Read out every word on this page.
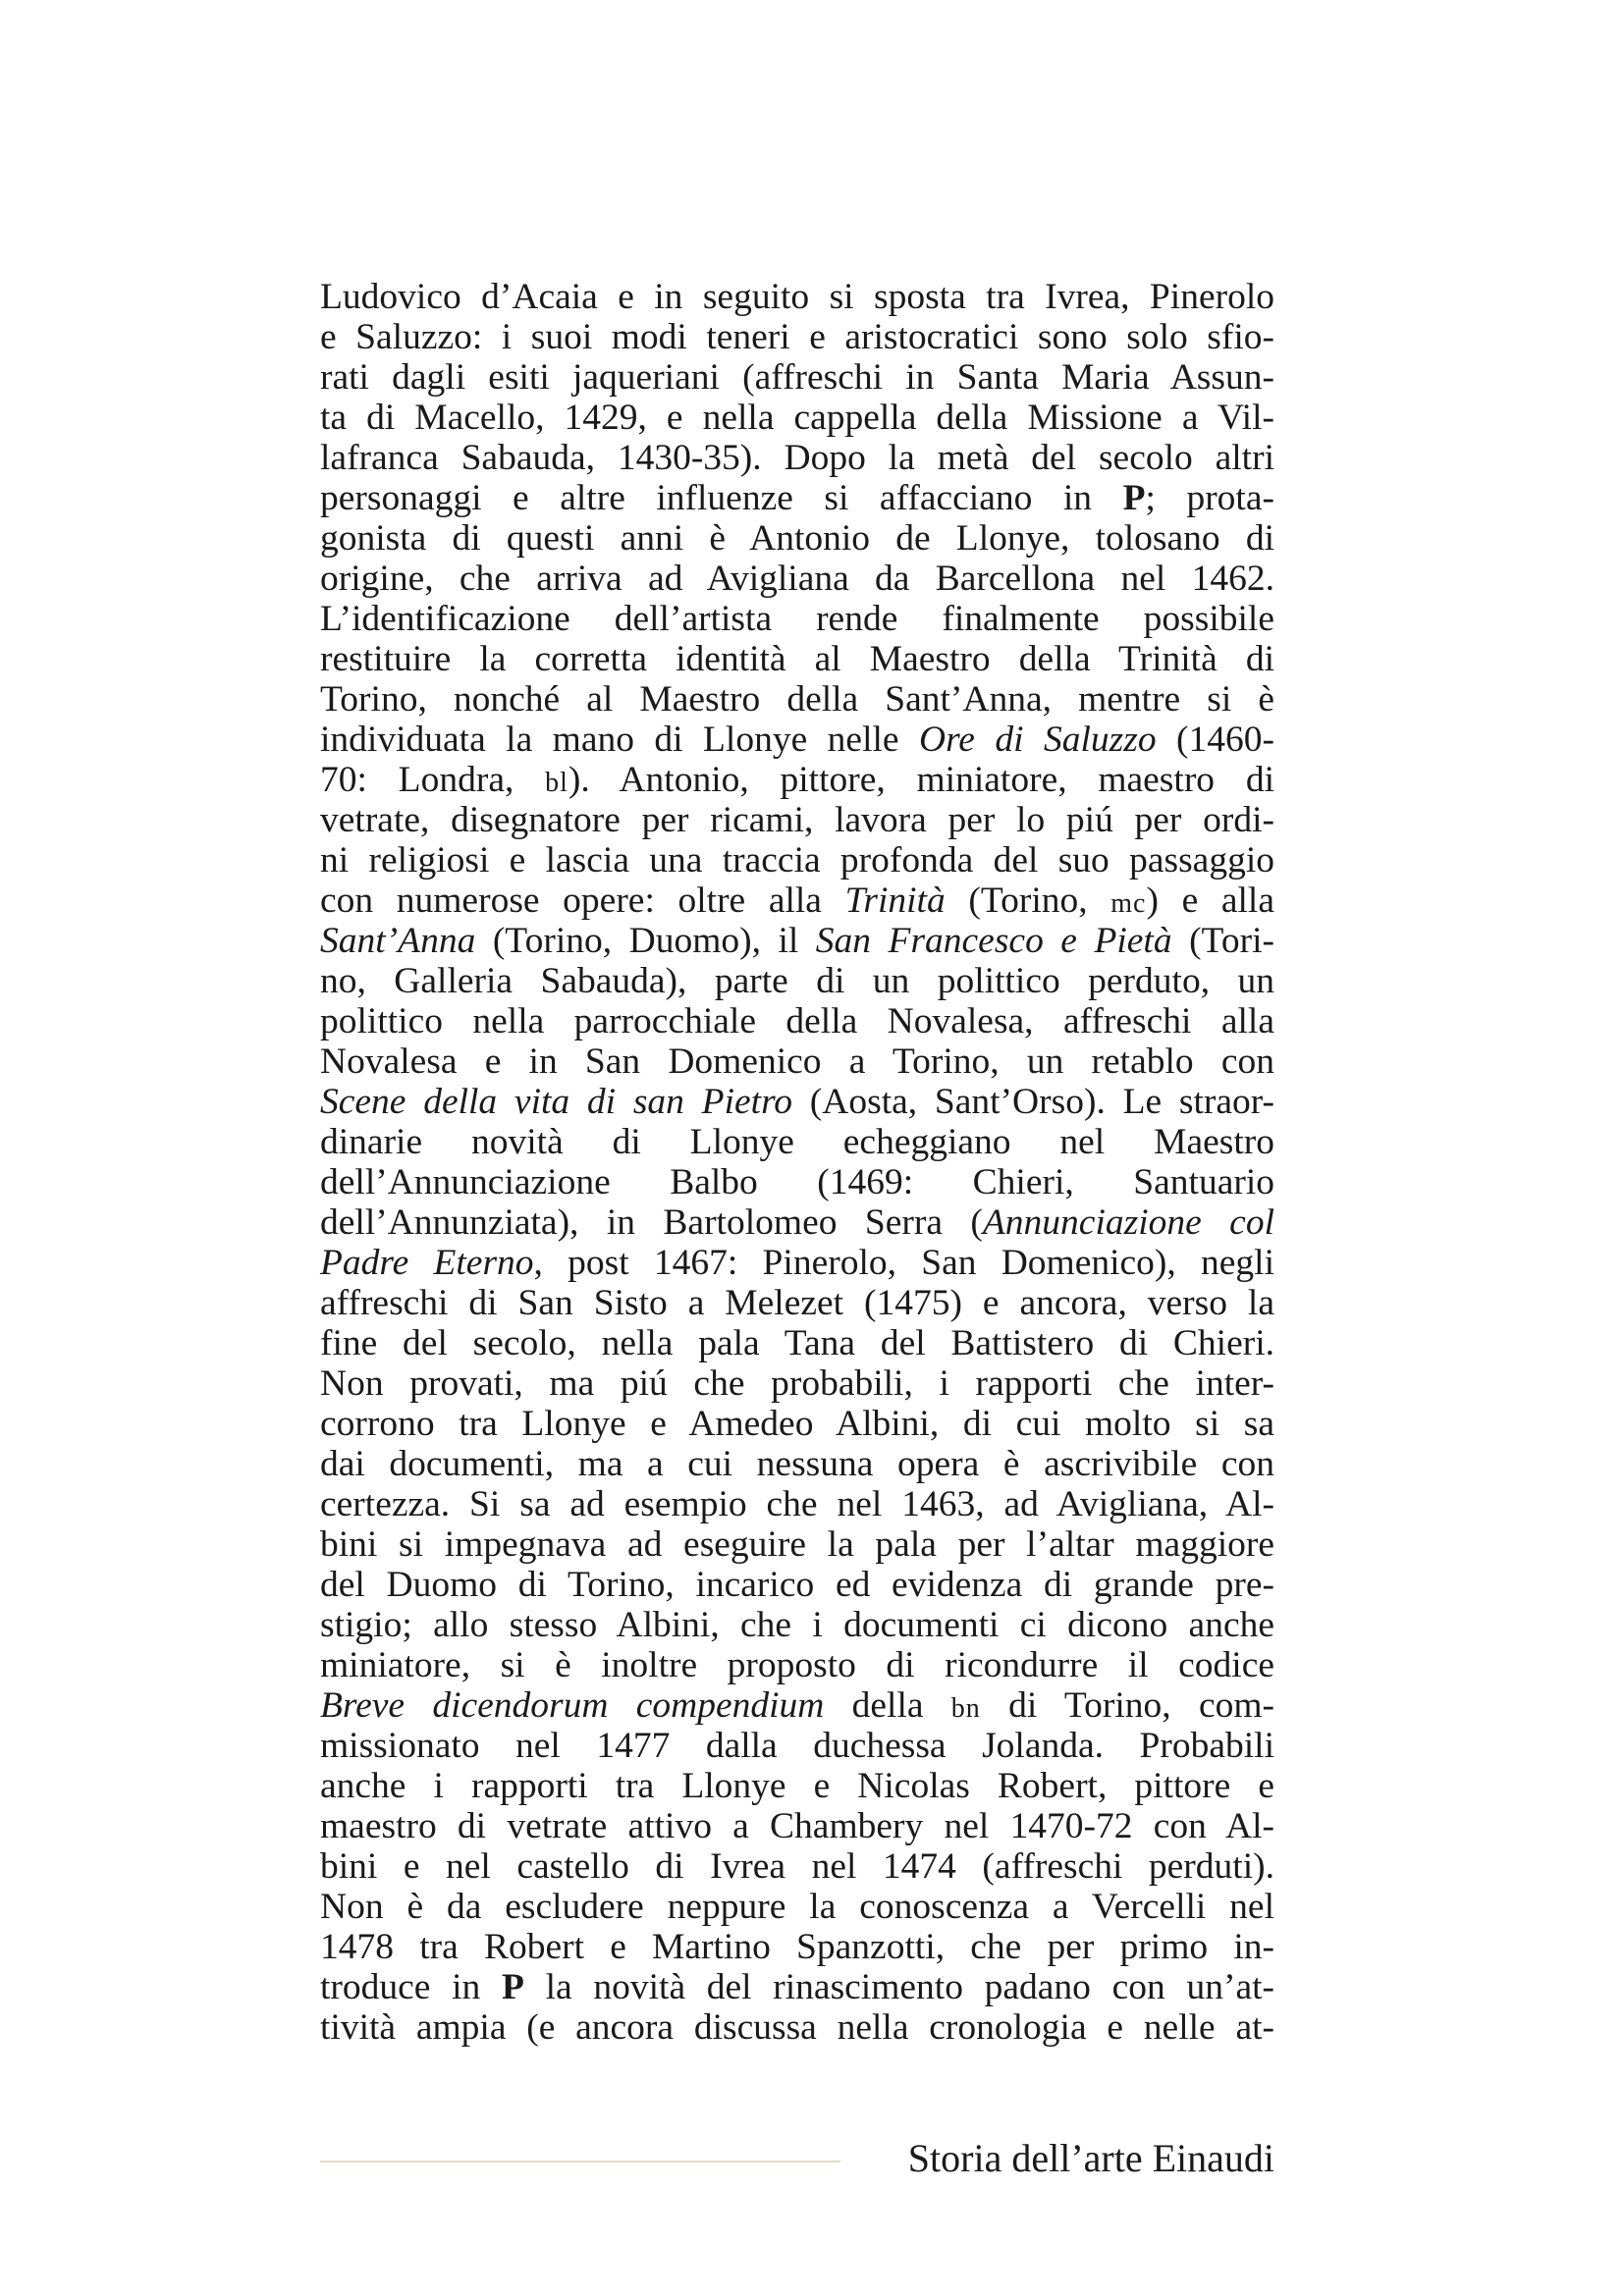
Ludovico d’Acaia e in seguito si sposta tra Ivrea, Pinerolo
e Saluzzo: i suoi modi teneri e aristocratici sono solo sfio-
rati dagli esiti jaqueriani (affreschi in Santa Maria Assun-
ta di Macello, 1429, e nella cappella della Missione a Vil-
lafranca Sabauda, 1430-35). Dopo la metà del secolo altri
personaggi e altre influenze si affacciano in P; prota-
gonista di questi anni è Antonio de Llonye, tolosano di
origine, che arriva ad Avigliana da Barcellona nel 1462.
L’identificazione dell’artista rende finalmente possibile
restituire la corretta identità al Maestro della Trinità di
Torino, nonché al Maestro della Sant’Anna, mentre si è
individuata la mano di Llonye nelle Ore di Saluzzo (1460-
70: Londra, bl). Antonio, pittore, miniatore, maestro di
vetrate, disegnatore per ricami, lavora per lo piú per ordi-
ni religiosi e lascia una traccia profonda del suo passaggio
con numerose opere: oltre alla Trinità (Torino, mc) e alla
Sant’Anna (Torino, Duomo), il San Francesco e Pietà (Tori-
no, Galleria Sabauda), parte di un polittico perduto, un
polittico nella parrocchiale della Novalesa, affreschi alla
Novalesa e in San Domenico a Torino, un retablo con
Scene della vita di san Pietro (Aosta, Sant’Orso). Le straor-
dinarie novità di Llonye echeggiano nel Maestro
dell’Annunciazione Balbo (1469: Chieri, Santuario
dell’Annunziata), in Bartolomeo Serra (Annunciazione col
Padre Eterno, post 1467: Pinerolo, San Domenico), negli
affreschi di San Sisto a Melezet (1475) e ancora, verso la
fine del secolo, nella pala Tana del Battistero di Chieri.
Non provati, ma piú che probabili, i rapporti che inter-
corrono tra Llonye e Amedeo Albini, di cui molto si sa
dai documenti, ma a cui nessuna opera è ascrivibile con
certezza. Si sa ad esempio che nel 1463, ad Avigliana, Al-
bini si impegnava ad eseguire la pala per l’altar maggiore
del Duomo di Torino, incarico ed evidenza di grande pre-
stigio; allo stesso Albini, che i documenti ci dicono anche
miniatore, si è inoltre proposto di ricondurre il codice
Breve dicendorum compendium della bn di Torino, com-
missionato nel 1477 dalla duchessa Jolanda. Probabili
anche i rapporti tra Llonye e Nicolas Robert, pittore e
maestro di vetrate attivo a Chambery nel 1470-72 con Al-
bini e nel castello di Ivrea nel 1474 (affreschi perduti).
Non è da escludere neppure la conoscenza a Vercelli nel
1478 tra Robert e Martino Spanzotti, che per primo in-
troduce in P la novità del rinascimento padano con un’at-
tività ampia (e ancora discussa nella cronologia e nelle at-
Storia dell’arte Einaudi
